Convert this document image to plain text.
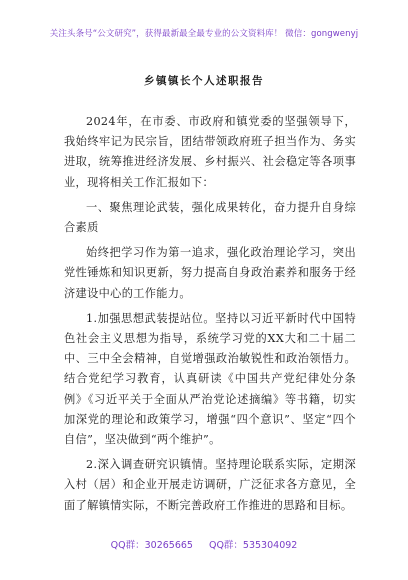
关注头条号“公文研究”，获得最新最全最专业的公文资料库！ 微信：gongwenyj
乡镇镇长个人述职报告

2024年，在市委、市政府和镇党委的坚强领导下，我始终牢记为民宗旨，团结带领政府班子担当作为、务实进取，统筹推进经济发展、乡村振兴、社会稳定等各项事业，现将相关工作汇报如下：

一、聚焦理论武装，强化成果转化，奋力提升自身综合素质

始终把学习作为第一追求，强化政治理论学习，突出党性锤炼和知识更新，努力提高自身政治素养和服务于经济建设中心的工作能力。

1.加强思想武装提站位。坚持以习近平新时代中国特色社会主义思想为指导，系统学习党的XX大和二十届二中、三中全会精神，自觉增强政治敏锐性和政治领悟力。结合党纪学习教育，认真研读《中国共产党纪律处分条例》《习近平关于全面从严治党论述摘编》等书籍，切实加深党的理论和政策学习，增强“四个意识”、坚定“四个自信”，坚决做到“两个维护”。

2.深入调查研究识镇情。坚持理论联系实际，定期深入村（居）和企业开展走访调研，广泛征求各方意见，全面了解镇情实际，不断完善政府工作推进的思路和目标。

QQ群：30265665 QQ群：535304092
